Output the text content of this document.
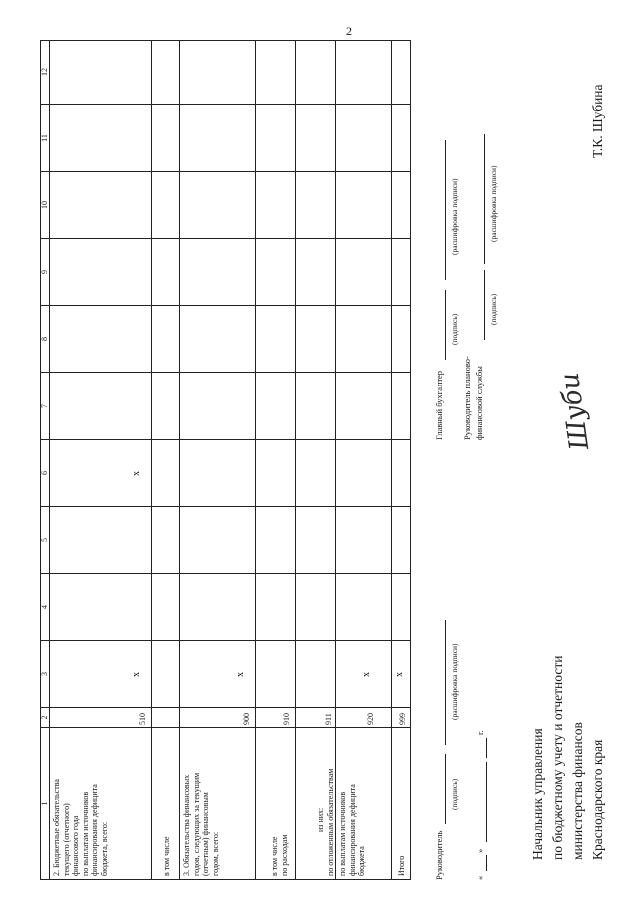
2
1
2
3
4
5
6
7
8
9
10
11
12
2. Бюджетные обязательства текущего (отчетного) финансового года по выплатам источников финансирования дефицита бюджета, всего:
510
x
x
в том числе 3. Обязательства финансовых годов, следующих за текущим (отчетным) финансовым годом, всего:
900
x
в том числе по расходам
910
из них: по отложенным обязательствам
911
по выплатам источников финансирования дефицита бюджета
920
x
Итого
999
x
Руководитель
(подпись)
(расшифровка подписи)
«
»
г.
Главный бухгалтер
(подпись)
(расшифровка подписи)
Руководитель планово- финансовой службы
(подпись)
(расшифровка подписи)
Начальник управления по бюджетному учету и отчетности министерства финансов Краснодарского края
Шуби
Т.К. Шубина
